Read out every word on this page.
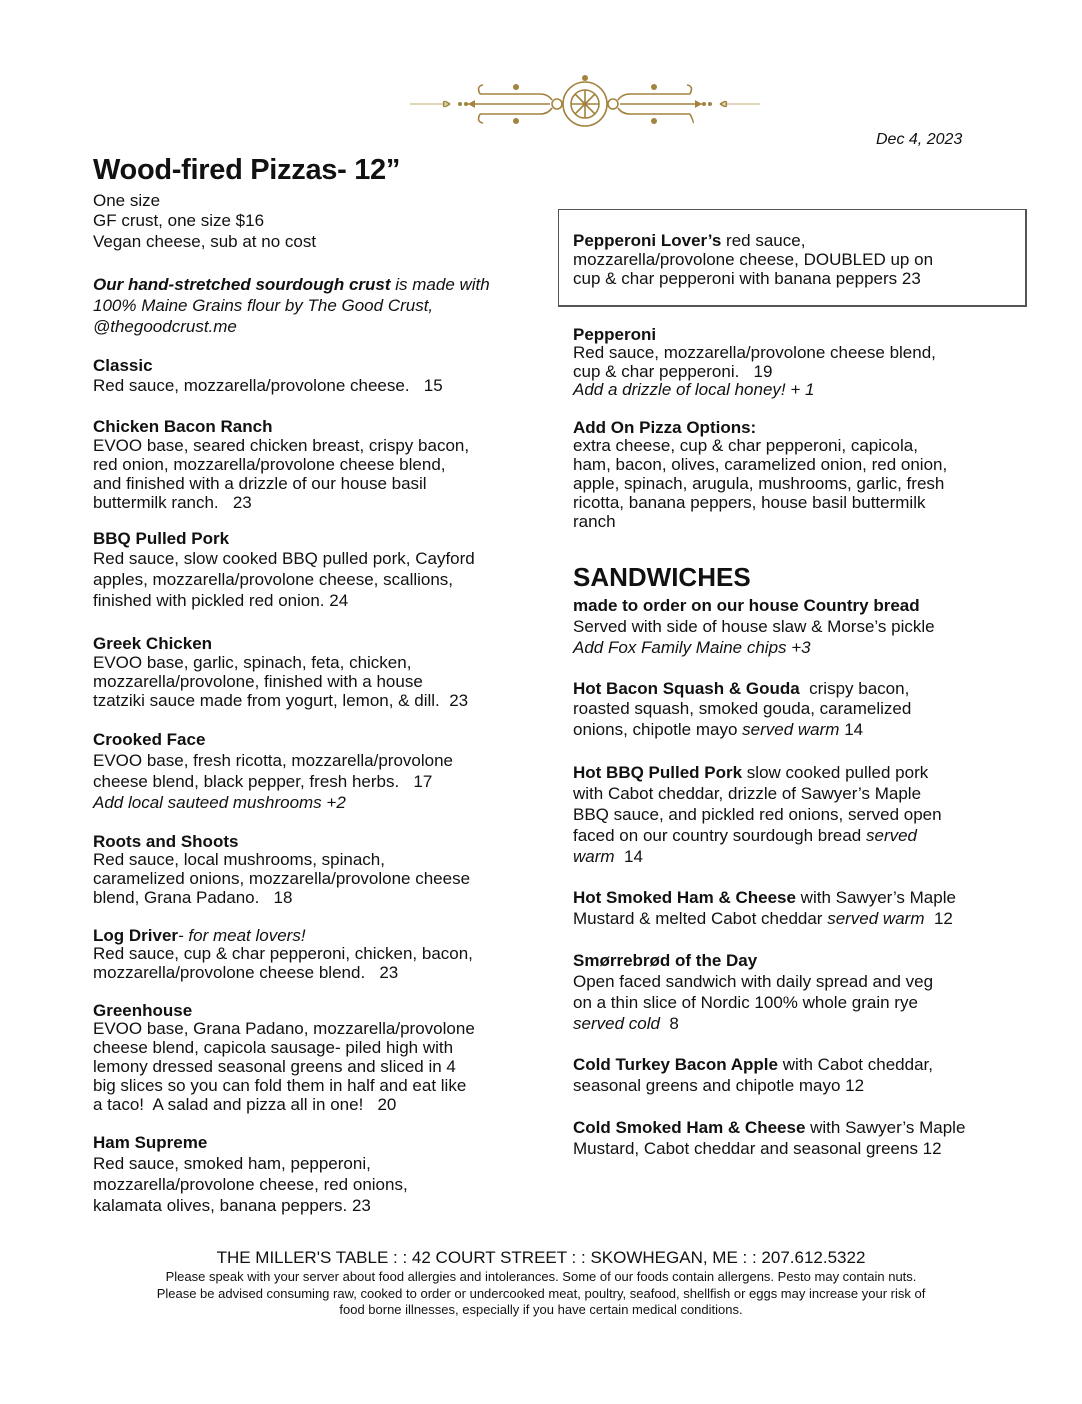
Dec 4, 2023
Wood-fired Pizzas- 12”
SANDWICHES
One size
GF crust, one size $16
Vegan cheese, sub at no cost
Our hand-stretched sourdough crust is made with
100% Maine Grains flour by The Good Crust,
@thegoodcrust.me
Classic
Red sauce, mozzarella/provolone cheese.   15
Chicken Bacon Ranch
EVOO base, seared chicken breast, crispy bacon,
red onion, mozzarella/provolone cheese blend,
and finished with a drizzle of our house basil
buttermilk ranch.   23
BBQ Pulled Pork
Red sauce, slow cooked BBQ pulled pork, Cayford
apples, mozzarella/provolone cheese, scallions,
finished with pickled red onion. 24
Greek Chicken
EVOO base, garlic, spinach, feta, chicken,
mozzarella/provolone, finished with a house
tzatziki sauce made from yogurt, lemon, & dill.  23
Crooked Face
EVOO base, fresh ricotta, mozzarella/provolone
cheese blend, black pepper, fresh herbs.   17
Add local sauteed mushrooms +2
Roots and Shoots
Red sauce, local mushrooms, spinach,
caramelized onions, mozzarella/provolone cheese
blend, Grana Padano.   18
Log Driver- for meat lovers!
Red sauce, cup & char pepperoni, chicken, bacon,
mozzarella/provolone cheese blend.   23
Greenhouse
EVOO base, Grana Padano, mozzarella/provolone
cheese blend, capicola sausage- piled high with
lemony dressed seasonal greens and sliced in 4
big slices so you can fold them in half and eat like
a taco!  A salad and pizza all in one!   20
Ham Supreme
Red sauce, smoked ham, pepperoni,
mozzarella/provolone cheese, red onions,
kalamata olives, banana peppers. 23
Pepperoni Lover’s red sauce,
mozzarella/provolone cheese, DOUBLED up on
cup & char pepperoni with banana peppers 23
Pepperoni
Red sauce, mozzarella/provolone cheese blend,
cup & char pepperoni.   19
Add a drizzle of local honey! + 1
Add On Pizza Options:
extra cheese, cup & char pepperoni, capicola,
ham, bacon, olives, caramelized onion, red onion,
apple, spinach, arugula, mushrooms, garlic, fresh
ricotta, banana peppers, house basil buttermilk
ranch
made to order on our house Country bread
Served with side of house slaw & Morse’s pickle
Add Fox Family Maine chips +3
Hot Bacon Squash & Gouda  crispy bacon,
roasted squash, smoked gouda, caramelized
onions, chipotle mayo served warm 14
Hot BBQ Pulled Pork slow cooked pulled pork
with Cabot cheddar, drizzle of Sawyer’s Maple
BBQ sauce, and pickled red onions, served open
faced on our country sourdough bread served
warm  14
Hot Smoked Ham & Cheese with Sawyer’s Maple
Mustard & melted Cabot cheddar served warm  12
Smørrebrød of the Day
Open faced sandwich with daily spread and veg
on a thin slice of Nordic 100% whole grain rye
served cold  8
Cold Turkey Bacon Apple with Cabot cheddar,
seasonal greens and chipotle mayo 12
Cold Smoked Ham & Cheese with Sawyer’s Maple
Mustard, Cabot cheddar and seasonal greens 12
THE MILLER'S TABLE : : 42 COURT STREET : : SKOWHEGAN, ME : : 207.612.5322
Please speak with your server about food allergies and intolerances. Some of our foods contain allergens. Pesto may contain nuts.
Please be advised consuming raw, cooked to order or undercooked meat, poultry, seafood, shellfish or eggs may increase your risk of
food borne illnesses, especially if you have certain medical conditions.
